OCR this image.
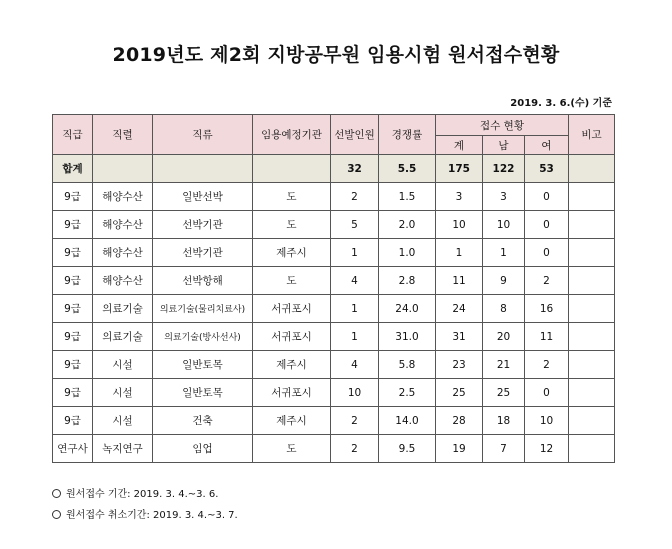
2019년도 제2회 지방공무원 임용시험 원서접수현황
2019. 3. 6.(수) 기준
직급	직렬	직류	임용예정기관	선발인원	경쟁률	접수 현황			비고
						계	남	여	
합계				32	5.5	175	122	53	
9급	해양수산	일반선박	도	2	1.5	3	3	0	
9급	해양수산	선박기관	도	5	2.0	10	10	0	
9급	해양수산	선박기관	제주시	1	1.0	1	1	0	
9급	해양수산	선박항해	도	4	2.8	11	9	2	
9급	의료기술	의료기술(물리치료사)	서귀포시	1	24.0	24	8	16	
9급	의료기술	의료기술(방사선사)	서귀포시	1	31.0	31	20	11	
9급	시설	일반토목	제주시	4	5.8	23	21	2	
9급	시설	일반토목	서귀포시	10	2.5	25	25	0	
9급	시설	건축	제주시	2	14.0	28	18	10	
연구사	녹지연구	임업	도	2	9.5	19	7	12	
원서접수 기간: 2019. 3. 4.~3. 6.
원서접수 취소기간: 2019. 3. 4.~3. 7.
